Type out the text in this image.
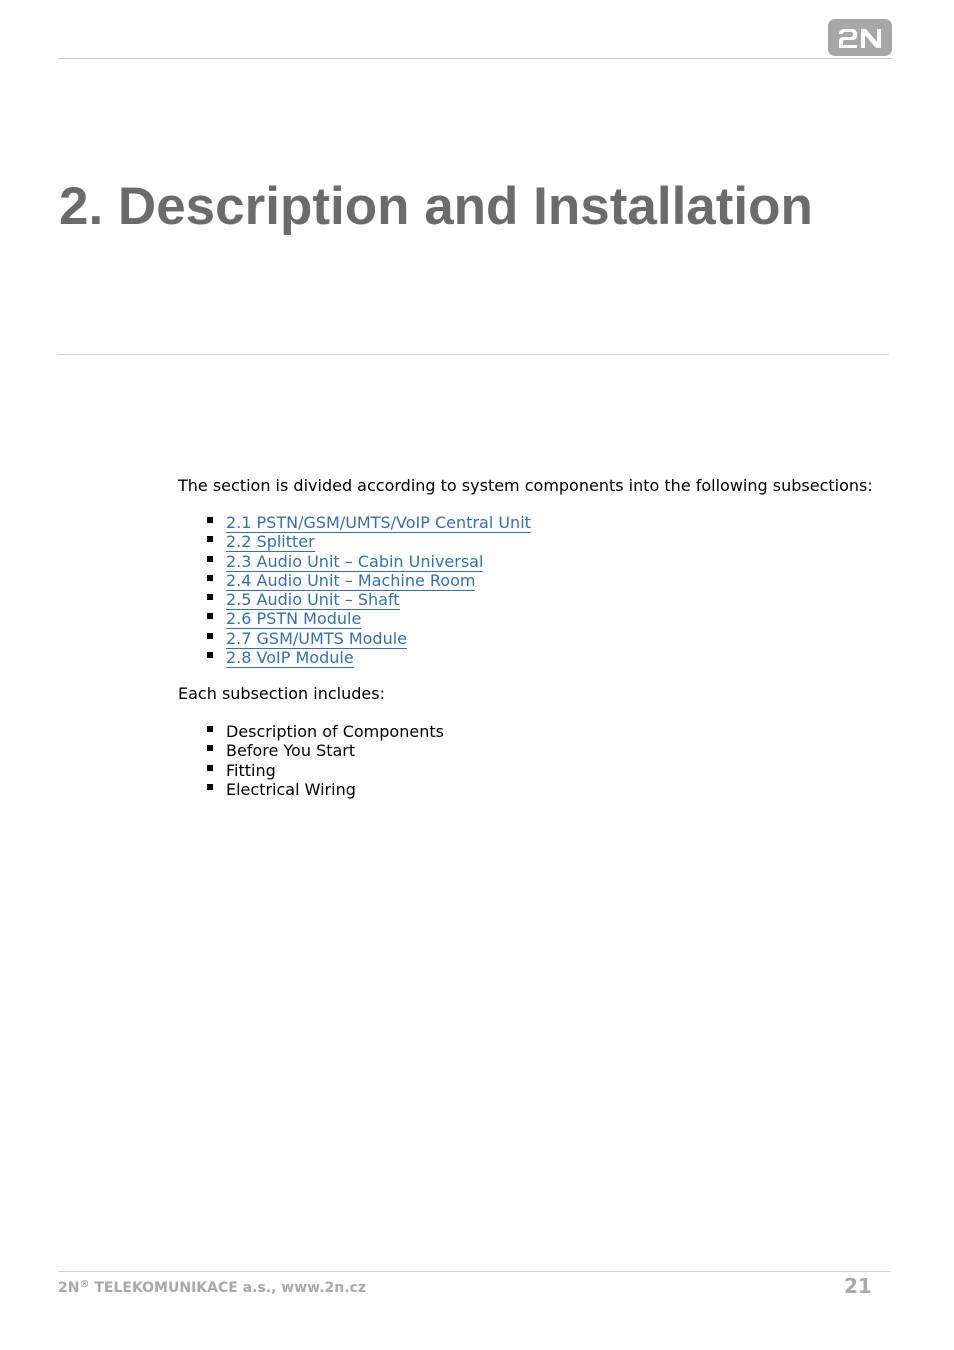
2. Description and Installation

The section is divided according to system components into the following subsections:

2.1 PSTN/GSM/UMTS/VoIP Central Unit
2.2 Splitter
2.3 Audio Unit – Cabin Universal
2.4 Audio Unit – Machine Room
2.5 Audio Unit – Shaft
2.6 PSTN Module
2.7 GSM/UMTS Module
2.8 VoIP Module

Each subsection includes:

Description of Components
Before You Start
Fitting
Electrical Wiring
2N® TELEKOMUNIKACE a.s., www.2n.cz	21
